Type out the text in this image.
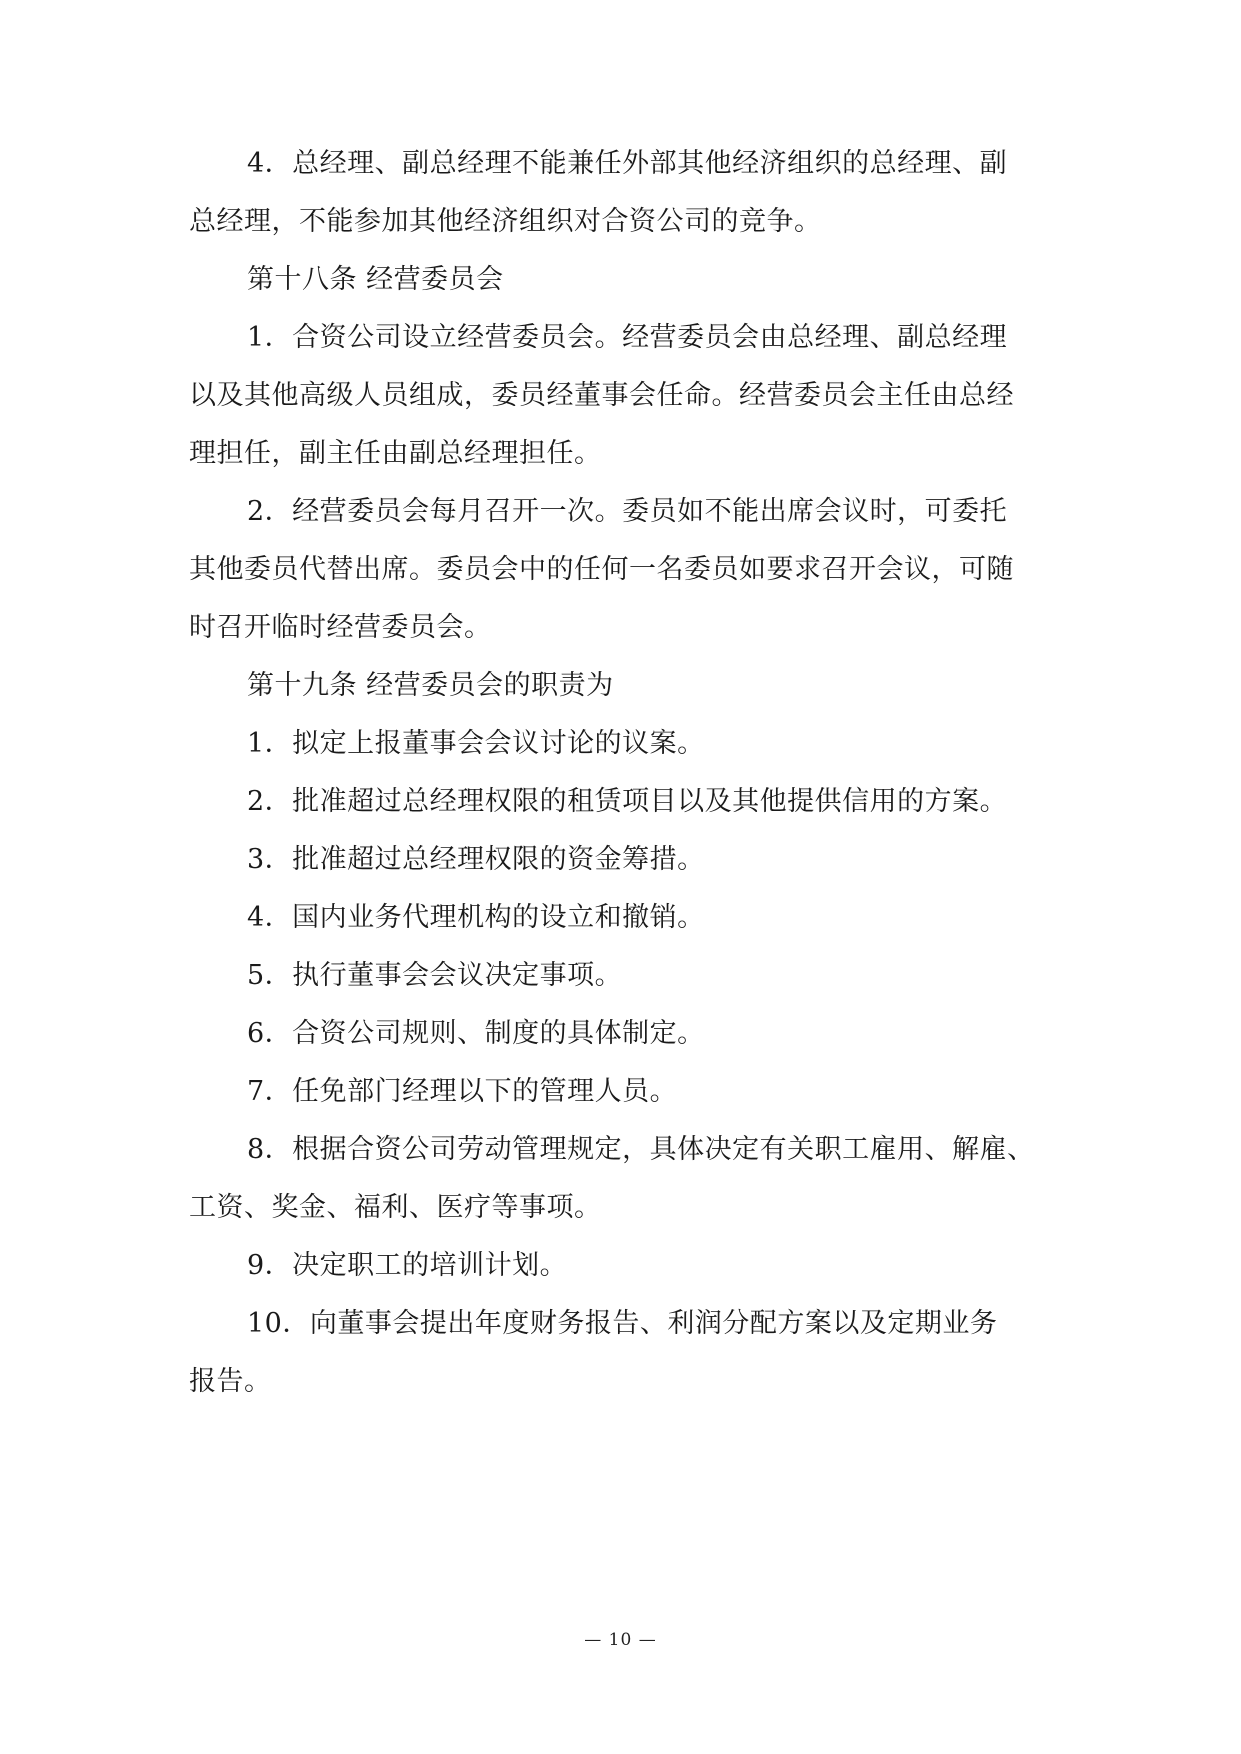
4．总经理、副总经理不能兼任外部其他经济组织的总经理、副
总经理，不能参加其他经济组织对合资公司的竞争。
第十八条 经营委员会
1．合资公司设立经营委员会。经营委员会由总经理、副总经理
以及其他高级人员组成，委员经董事会任命。经营委员会主任由总经
理担任，副主任由副总经理担任。
2．经营委员会每月召开一次。委员如不能出席会议时，可委托
其他委员代替出席。委员会中的任何一名委员如要求召开会议，可随
时召开临时经营委员会。
第十九条 经营委员会的职责为
1．拟定上报董事会会议讨论的议案。
2．批准超过总经理权限的租赁项目以及其他提供信用的方案。
3．批准超过总经理权限的资金筹措。
4．国内业务代理机构的设立和撤销。
5．执行董事会会议决定事项。
6．合资公司规则、制度的具体制定。
7．任免部门经理以下的管理人员。
8．根据合资公司劳动管理规定，具体决定有关职工雇用、解雇、
工资、奖金、福利、医疗等事项。
9．决定职工的培训计划。
10．向董事会提出年度财务报告、利润分配方案以及定期业务
报告。
— 10 —
